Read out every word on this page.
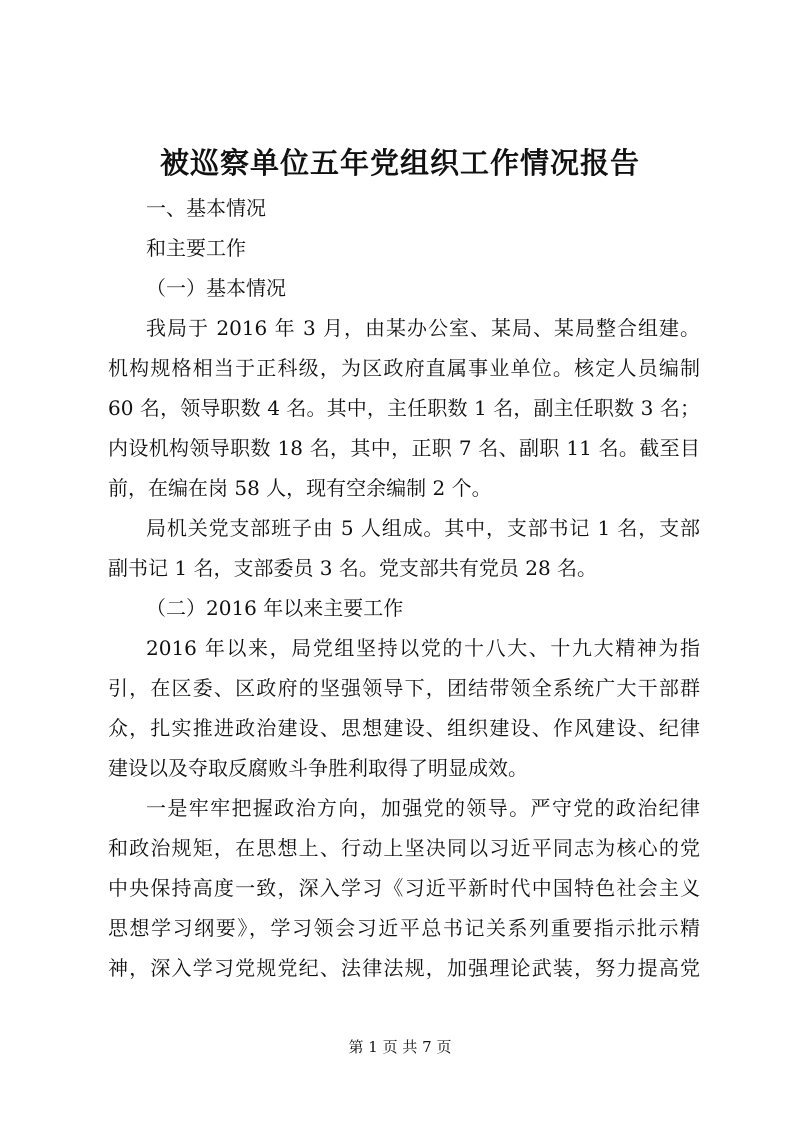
被巡察单位五年党组织工作情况报告

一、基本情况

和主要工作

（一）基本情况

我局于 2016 年 3 月，由某办公室、某局、某局整合组建。

机构规格相当于正科级，为区政府直属事业单位。核定人员编制

60 名，领导职数 4 名。其中，主任职数 1 名，副主任职数 3 名；

内设机构领导职数 18 名，其中，正职 7 名、副职 11 名。截至目

前，在编在岗 58 人，现有空余编制 2 个。

局机关党支部班子由 5 人组成。其中，支部书记 1 名，支部

副书记 1 名，支部委员 3 名。党支部共有党员 28 名。

（二）2016 年以来主要工作

2016 年以来，局党组坚持以党的十八大、十九大精神为指

引，在区委、区政府的坚强领导下，团结带领全系统广大干部群

众，扎实推进政治建设、思想建设、组织建设、作风建设、纪律

建设以及夺取反腐败斗争胜利取得了明显成效。

一是牢牢把握政治方向，加强党的领导。严守党的政治纪律

和政治规矩，在思想上、行动上坚决同以习近平同志为核心的党

中央保持高度一致，深入学习《习近平新时代中国特色社会主义

思想学习纲要》，学习领会习近平总书记关系列重要指示批示精

神，深入学习党规党纪、法律法规，加强理论武装，努力提高党

第 1 页 共 7 页
